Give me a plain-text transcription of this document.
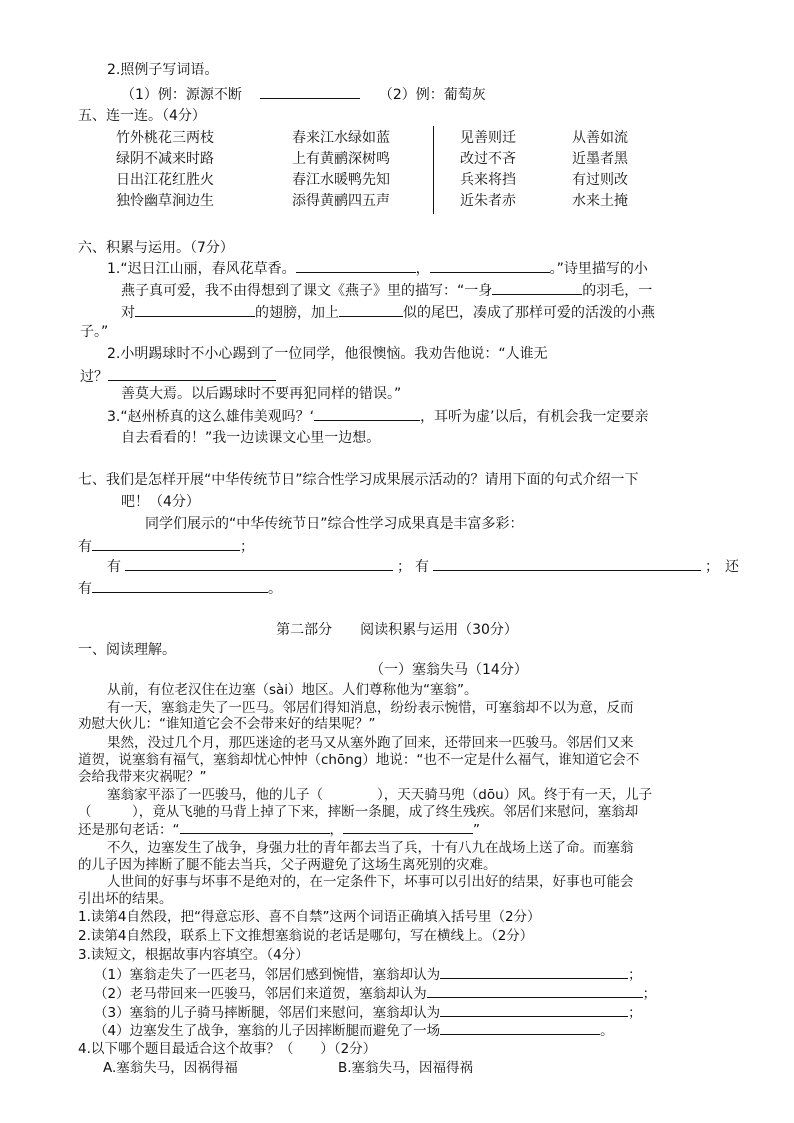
2.照例子写词语。
（1）例：源源不断	（2）例：葡萄灰
五、连一连。（4分）
竹外桃花三两枝
绿阴不减来时路
日出江花红胜火
独怜幽草涧边生
春来江水绿如蓝
上有黄鹂深树鸣
春江水暖鸭先知
添得黄鹂四五声
见善则迁
改过不吝
兵来将挡
近朱者赤
从善如流
近墨者黑
有过则改
水来土掩
六、积累与运用。（7分）
1.“迟日江山丽，春风花草香。	，	。”诗里描写的小
燕子真可爱，我不由得想到了课文《燕子》里的描写：“一身	的羽毛，一
对	的翅膀，加上	似的尾巴，凑成了那样可爱的活泼的小燕
子。”
2.小明踢球时不小心踢到了一位同学，他很懊恼。我劝告他说：“人谁无
过？
善莫大焉。以后踢球时不要再犯同样的错误。”
3.“赵州桥真的这么雄伟美观吗？‘	，耳听为虚’以后，有机会我一定要亲
自去看看的！”我一边读课文心里一边想。
七、我们是怎样开展“中华传统节日”综合性学习成果展示活动的？请用下面的句式介绍一下
吧！（4分）
同学们展示的“中华传统节日”综合性学习成果真是丰富多彩：
有	；
有	； 有	； 还
有	。
第二部分　　阅读积累与运用（30分）
一、阅读理解。
（一）塞翁失马（14分）
从前，有位老汉住在边塞（sài）地区。人们尊称他为“塞翁”。
有一天，塞翁走失了一匹马。邻居们得知消息，纷纷表示惋惜，可塞翁却不以为意，反而
劝慰大伙儿：“谁知道它会不会带来好的结果呢？”
果然，没过几个月，那匹迷途的老马又从塞外跑了回来，还带回来一匹骏马。邻居们又来
道贺，说塞翁有福气，塞翁却忧心忡忡（chōng）地说：“也不一定是什么福气，谁知道它会不
会给我带来灾祸呢？”
塞翁家平添了一匹骏马，他的儿子（　　　　），天天骑马兜（dōu）风。终于有一天，儿子
（　　　），竟从飞驰的马背上掉了下来，摔断一条腿，成了终生残疾。邻居们来慰问，塞翁却
还是那句老话：“	，	”
不久，边塞发生了战争，身强力壮的青年都去当了兵，十有八九在战场上送了命。而塞翁
的儿子因为摔断了腿不能去当兵，父子两避免了这场生离死别的灾难。
人世间的好事与坏事不是绝对的，在一定条件下，坏事可以引出好的结果，好事也可能会
引出坏的结果。
1.读第4自然段，把“得意忘形、喜不自禁”这两个词语正确填入括号里（2分）
2.读第4自然段，联系上下文推想塞翁说的老话是哪句，写在横线上。（2分）
3.读短文，根据故事内容填空。（4分）
（1）塞翁走失了一匹老马，邻居们感到惋惜，塞翁却认为	；
（2）老马带回来一匹骏马，邻居们来道贺，塞翁却认为	；
（3）塞翁的儿子骑马摔断腿，邻居们来慰问，塞翁却认为	；
（4）边塞发生了战争，塞翁的儿子因摔断腿而避免了一场	。
4.以下哪个题目最适合这个故事？（　　）（2分）
A.塞翁失马，因祸得福	B.塞翁失马，因福得祸
